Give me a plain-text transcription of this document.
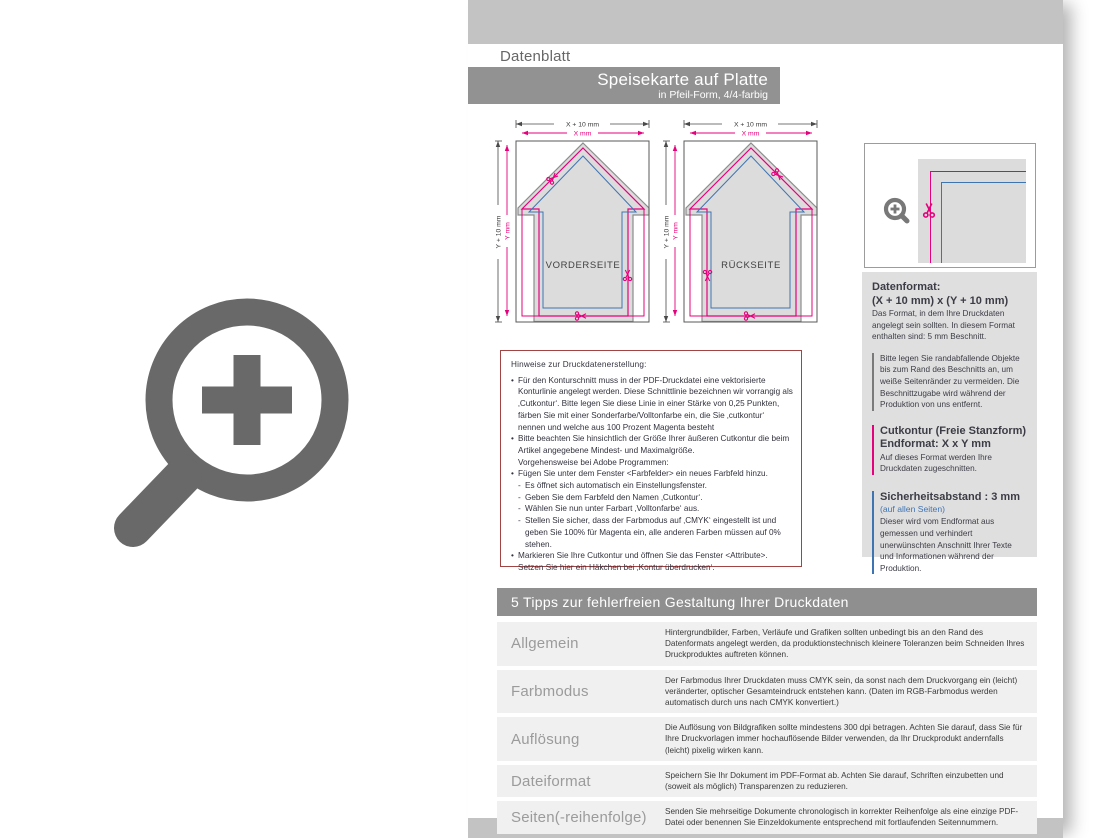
Datenblatt
Speisekarte auf Platte
in Pfeil-Form, 4/4-farbig
X + 10 mm
X mm
Y + 10 mm Y mm
VORDERSEITE
X + 10 mm
X mm
Y + 10 mm Y mm
RÜCKSEITE
Datenformat:
(X + 10 mm) x (Y + 10 mm)
Das Format, in dem Ihre Druckdaten angelegt sein sollten. In diesem Format enthalten sind: 5 mm Beschnitt.
Bitte legen Sie randabfallende Objekte bis zum Rand des Beschnitts an, um weiße Seitenränder zu vermeiden. Die Beschnittzugabe wird während der Produktion von uns entfernt.
Cutkontur (Freie Stanzform)
Endformat: X x Y mm
Auf dieses Format werden Ihre Druckdaten zugeschnitten.
Sicherheitsabstand : 3 mm
(auf allen Seiten)
Dieser wird vom Endformat aus gemessen und verhindert unerwünschten Anschnitt Ihrer Texte und Informationen während der Produktion.
Hinweise zur Druckdatenerstellung:
• Für den Konturschnitt muss in der PDF-Druckdatei eine vektorisierte Konturlinie angelegt werden. Diese Schnittlinie bezeichnen wir vorrangig als ‚Cutkontur‘. Bitte legen Sie diese Linie in einer Stärke von 0,25 Punkten, färben Sie mit einer Sonderfarbe/Volltonfarbe ein, die Sie ‚cutkontur‘ nennen und welche aus 100 Prozent Magenta besteht
• Bitte beachten Sie hinsichtlich der Größe Ihrer äußeren Cutkontur die beim Artikel angegebene Mindest- und Maximalgröße.
Vorgehensweise bei Adobe Programmen:
• Fügen Sie unter dem Fenster <Farbfelder> ein neues Farbfeld hinzu.
- Es öffnet sich automatisch ein Einstellungsfenster.
- Geben Sie dem Farbfeld den Namen ‚Cutkontur‘.
- Wählen Sie nun unter Farbart ‚Volltonfarbe‘ aus.
- Stellen Sie sicher, dass der Farbmodus auf ‚CMYK‘ eingestellt ist und geben Sie 100% für Magenta ein, alle anderen Farben müssen auf 0% stehen.
• Markieren Sie Ihre Cutkontur und öffnen Sie das Fenster <Attribute>. Setzen Sie hier ein Häkchen bei ‚Kontur überdrucken‘.
5 Tipps zur fehlerfreien Gestaltung Ihrer Druckdaten
Allgemein
Hintergrundbilder, Farben, Verläufe und Grafiken sollten unbedingt bis an den Rand des Datenformats angelegt werden, da produktionstechnisch kleinere Toleranzen beim Schneiden Ihres Druckproduktes auftreten können.
Farbmodus
Der Farbmodus Ihrer Druckdaten muss CMYK sein, da sonst nach dem Druckvorgang ein (leicht) veränderter, optischer Gesamteindruck entstehen kann. (Daten im RGB-Farbmodus werden automatisch durch uns nach CMYK konvertiert.)
Auflösung
Die Auflösung von Bildgrafiken sollte mindestens 300 dpi betragen. Achten Sie darauf, dass Sie für Ihre Druckvorlagen immer hochauflösende Bilder verwenden, da Ihr Druckprodukt andernfalls (leicht) pixelig wirken kann.
Dateiformat	Speichern Sie Ihr Dokument im PDF-Format ab. Achten Sie darauf, Schriften einzubetten und (soweit als möglich) Transparenzen zu reduzieren.
Seiten(-reihenfolge)	Senden Sie mehrseitige Dokumente chronologisch in korrekter Reihenfolge als eine einzige PDF-Datei oder benennen Sie Einzeldokumente entsprechend mit fortlaufenden Seitennummern.
